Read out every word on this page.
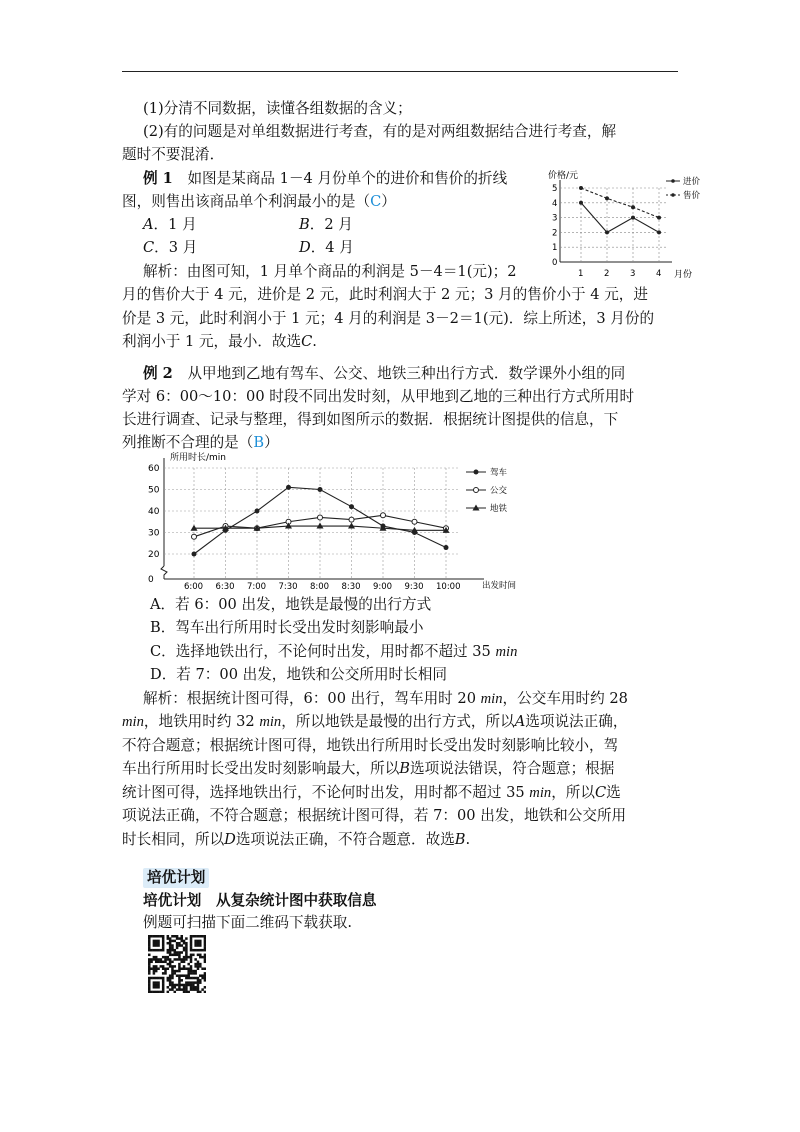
(1)分清不同数据，读懂各组数据的含义；
(2)有的问题是对单组数据进行考查，有的是对两组数据结合进行考查，解
题时不要混淆．
例 1　 如图是某商品 1－4 月份单个的进价和售价的折线
图，则售出该商品单个利润最小的是（C）
A．1 月	B．2 月
C．3 月	D．4 月
解析：由图可知，1 月单个商品的利润是 5－4＝1(元)；2
月的售价大于 4 元，进价是 2 元，此时利润大于 2 元；3 月的售价小于 4 元，进
价是 3 元，此时利润小于 1 元；4 月的利润是 3－2＝1(元)．综上所述，3 月份的
利润小于 1 元，最小．故选C.
价格/元
月份
0
1
2
3
4
5
1 2 3 4
进价
售价
例 2　 从甲地到乙地有驾车、公交、地铁三种出行方式．数学课外小组的同
学对 6：00～10：00 时段不同出发时刻，从甲地到乙地的三种出行方式所用时
长进行调查、记录与整理，得到如图所示的数据．根据统计图提供的信息，下
列推断不合理的是（B）
所用时长/min
出发时间
0
20
30
40
50
60
6:00 6:30 7:00 7:30 8:00 8:30 9:00 9:30 10:00
驾车
公交
地铁
A．若 6：00 出发，地铁是最慢的出行方式
B．驾车出行所用时长受出发时刻影响最小
C．选择地铁出行，不论何时出发，用时都不超过 35 min
D．若 7：00 出发，地铁和公交所用时长相同
解析：根据统计图可得，6：00 出行，驾车用时 20 min，公交车用时约 28
min，地铁用时约 32 min，所以地铁是最慢的出行方式，所以A选项说法正确，
不符合题意；根据统计图可得，地铁出行所用时长受出发时刻影响比较小，驾
车出行所用时长受出发时刻影响最大，所以B选项说法错误，符合题意；根据
统计图可得，选择地铁出行，不论何时出发，用时都不超过 35 min，所以C选
项说法正确，不符合题意；根据统计图可得，若 7：00 出发，地铁和公交所用
时长相同，所以D选项说法正确，不符合题意．故选B.
培优计划
培优计划　从复杂统计图中获取信息
例题可扫描下面二维码下载获取.
